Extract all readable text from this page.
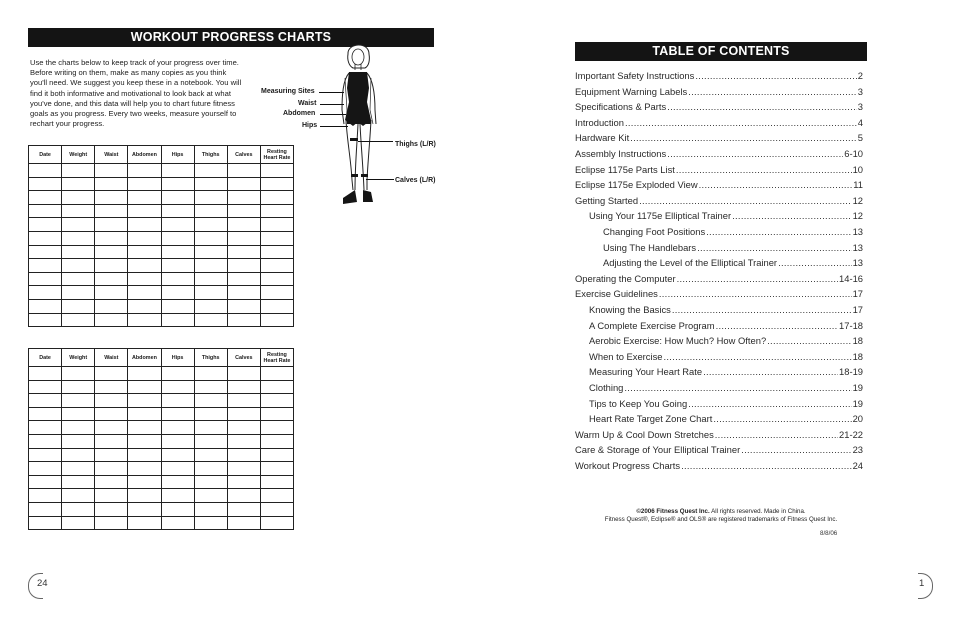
WORKOUT PROGRESS CHARTS
Use the charts below to keep track of your progress over time. Before writing on them, make as many copies as you think you'll need. We suggest you keep these in a notebook. You will find it both informative and motivational to look back at what you've done, and this data will help you to chart future fitness goals as you progress. Every two weeks, measure yourself to rechart your progress.
Date	Weight	Waist	Abdomen	Hips	Thighs	Calves	Resting
Heart Rate

Date	Weight	Waist	Abdomen	Hips	Thighs	Calves	Resting
Heart Rate

Measuring Sites
Waist
Abdomen
Hips
Thighs (L/R)
Calves (L/R)
24
TABLE OF CONTENTS
Important Safety Instructions .....	2
Equipment Warning Labels .....	3
Specifications & Parts .....	3
Introduction .....	4
Hardware Kit .....	5
Assembly Instructions .....	6-10
Eclipse 1175e Parts List .....	10
Eclipse 1175e Exploded View .....	11
Getting Started .....	12
Using Your 1175e Elliptical Trainer .....	12
Changing Foot Positions .....	13
Using The Handlebars .....	13
Adjusting the Level of the Elliptical Trainer .....	13
Operating the Computer .....	14-16
Exercise Guidelines .....	17
Knowing the Basics .....	17
A Complete Exercise Program .....	17-18
Aerobic Exercise: How Much? How Often? .....	18
When to Exercise .....	18
Measuring Your Heart Rate .....	18-19
Clothing .....	19
Tips to Keep You Going .....	19
Heart Rate Target Zone Chart .....	20
Warm Up & Cool Down Stretches .....	21-22
Care & Storage of Your Elliptical Trainer .....	23
Workout Progress Charts .....	24
©2006 Fitness Quest Inc. All rights reserved. Made in China.
Fitness Quest®, Eclipse® and OLS® are registered trademarks of Fitness Quest Inc.
8/8/06
1
